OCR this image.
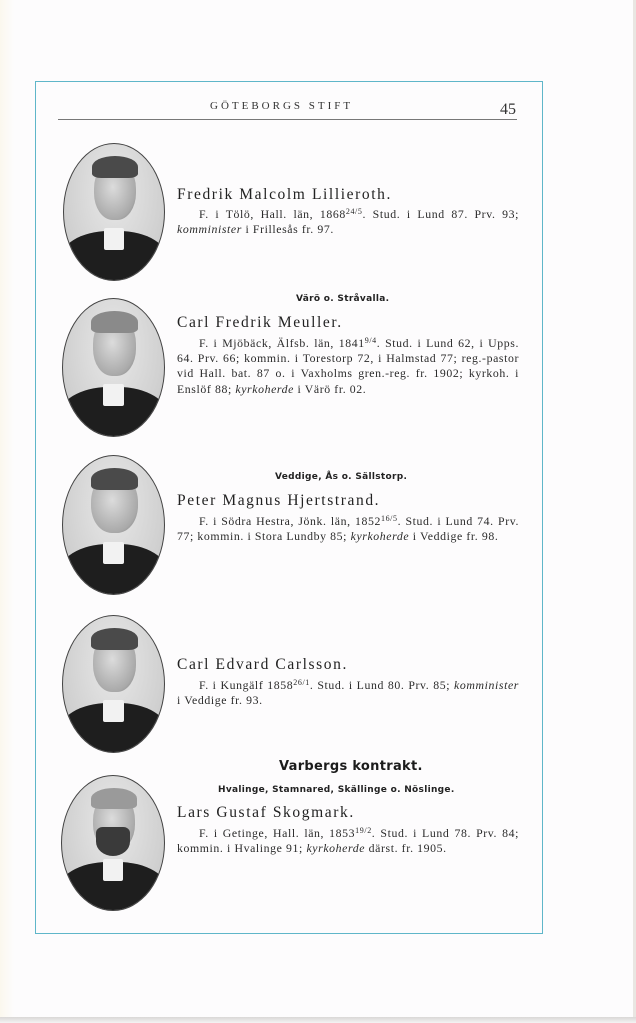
GÖTEBORGS STIFT	45
Fredrik Malcolm Lillieroth.
F. i Tölö, Hall. län, $1868^{24/5}$. Stud. i Lund 87. Prv. 93; komminister i Frillesås fr. 97.
Värö o. Stråvalla.
Carl Fredrik Meuller.
F. i Mjöbäck, Älfsb. län, $1841^{9/4}$. Stud. i Lund 62, i Upps. 64. Prv. 66; kommin. i Torestorp 72, i Halmstad 77; reg.-pastor vid Hall. bat. 87 o. i Vaxholms gren.-reg. fr. 1902; kyrkoh. i Enslöf 88; kyrkoherde i Värö fr. 02.
Veddige, Ås o. Sällstorp.
Peter Magnus Hjertstrand.
F. i Södra Hestra, Jönk. län, $1852^{16/5}$. Stud. i Lund 74. Prv. 77; kommin. i Stora Lundby 85; kyrkoherde i Veddige fr. 98.
Carl Edvard Carlsson.
F. i Kungälf $1858^{26/1}$. Stud. i Lund 80. Prv. 85; komminister i Veddige fr. 93.
Varbergs kontrakt.
Hvalinge, Stamnared, Skällinge o. Nöslinge.
Lars Gustaf Skogmark.
F. i Getinge, Hall. län, $1853^{19/2}$. Stud. i Lund 78. Prv. 84; kommin. i Hvalinge 91; kyrkoherde därst. fr. 1905.
